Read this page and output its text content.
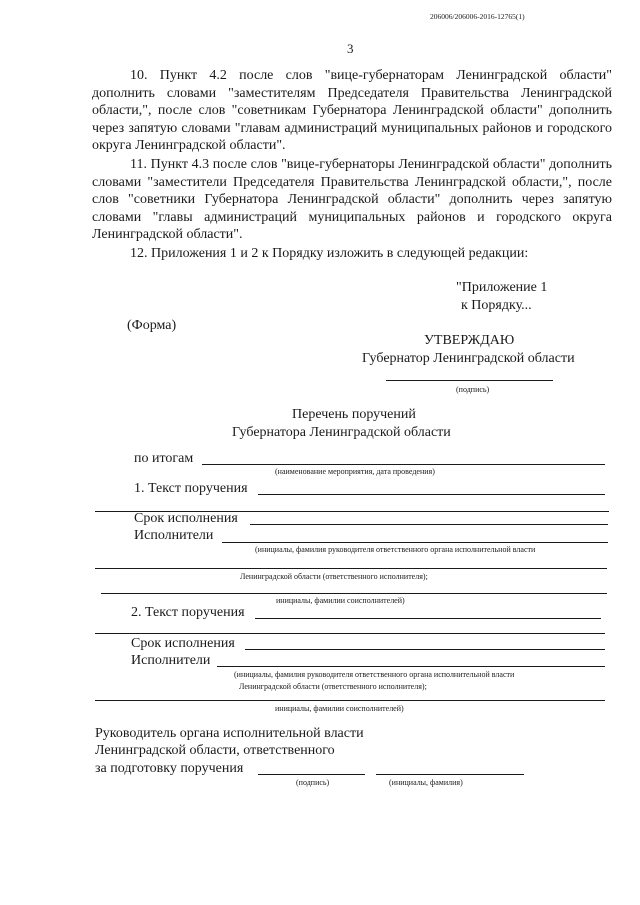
206006/206006-2016-12765(1)
3

10. Пункт 4.2 после слов "вице-губернаторам Ленинградской области" дополнить словами "заместителям Председателя Правительства Ленинградской области,", после слов "советникам Губернатора Ленинградской области" дополнить через запятую словами "главам администраций муниципальных районов и городского округа Ленинградской области".

11. Пункт 4.3 после слов "вице-губернаторы Ленинградской области" дополнить словами "заместители Председателя Правительства Ленинградской области,", после слов "советники Губернатора Ленинградской области" дополнить через запятую словами "главы администраций муниципальных районов и городского округа Ленинградской области".

12. Приложения 1 и 2 к Порядку изложить в следующей редакции:

"Приложение 1
к Порядку...
(Форма)
УТВЕРЖДАЮ
Губернатор Ленинградской области
(подпись)
Перечень поручений
Губернатора Ленинградской области
по итогам
(наименование мероприятия, дата проведения)
1. Текст поручения
Срок исполнения
Исполнители
(инициалы, фамилия руководителя ответственного органа исполнительной власти
Ленинградской области (ответственного исполнителя);
инициалы, фамилии соисполнителей)
2. Текст поручения
Срок исполнения
Исполнители
(инициалы, фамилия руководителя ответственного органа исполнительной власти
Ленинградской области (ответственного исполнителя);
инициалы, фамилии соисполнителей)
Руководитель органа исполнительной власти
Ленинградской области, ответственного
за подготовку поручения
(подпись)	(инициалы, фамилия)
